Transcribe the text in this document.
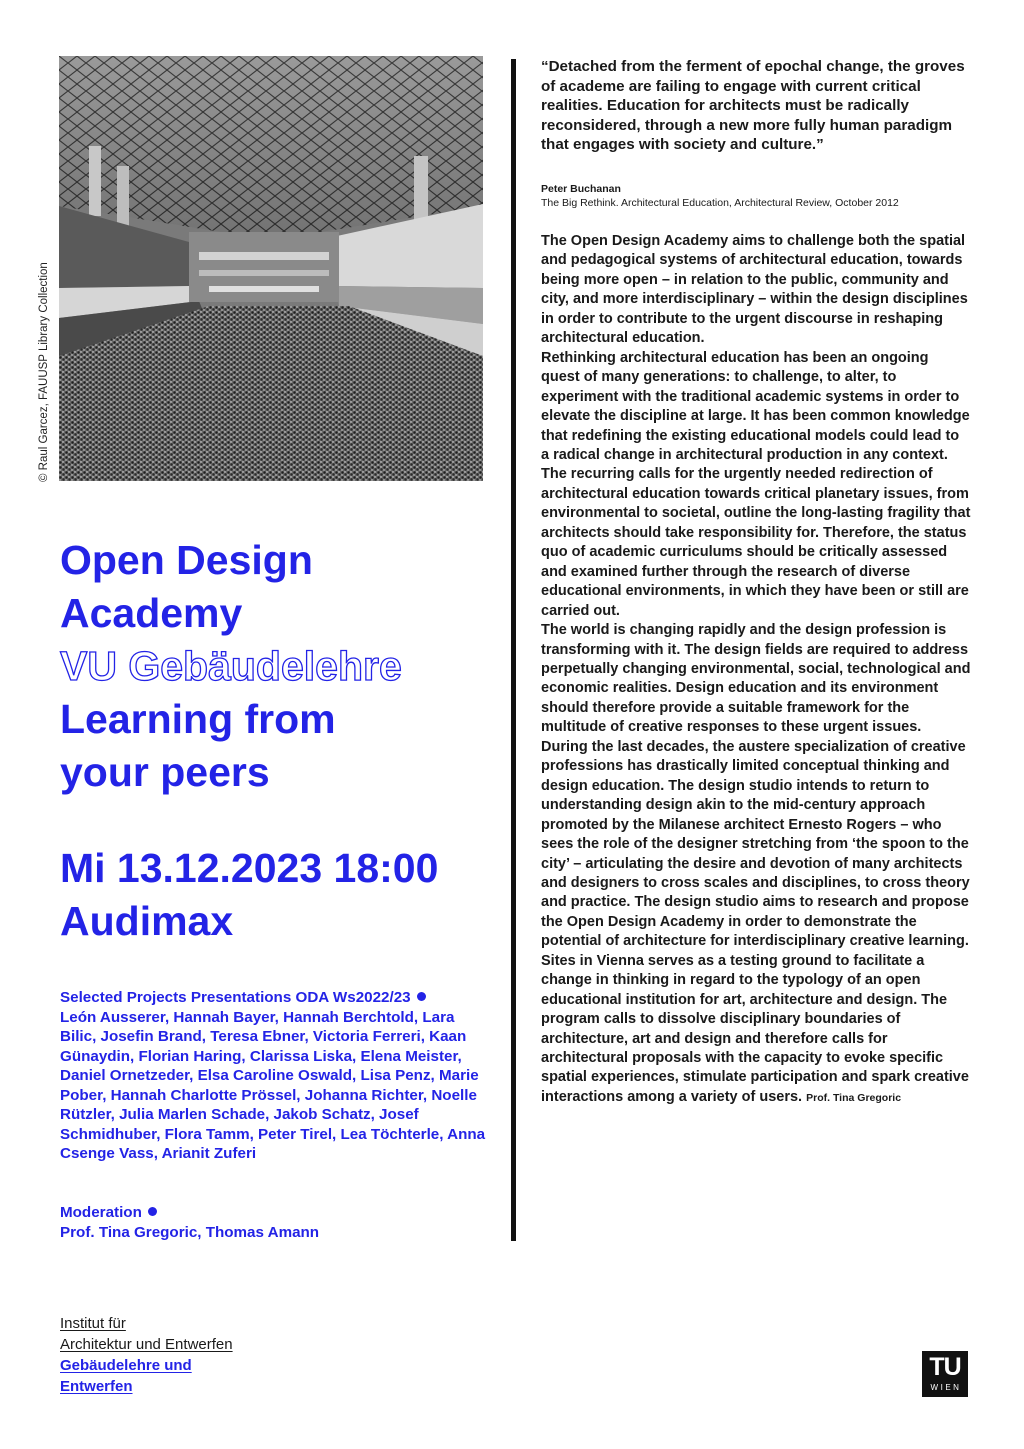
© Raul Garcez, FAUUSP Library Collection
Open Design
Academy
VU Gebäudelehre
Learning from
your peers
Mi 13.12.2023 18:00
Audimax
Selected Projects Presentations ODA Ws2022/23
León Ausserer, Hannah Bayer, Hannah Berchtold, Lara Bilic, Josefin Brand, Teresa Ebner, Victoria Ferreri, Kaan Günaydin, Florian Haring, Clarissa Liska, Elena Meister, Daniel Ornetzeder, Elsa Caroline Oswald, Lisa Penz, Marie Pober, Hannah Charlotte Prössel, Johanna Richter, Noelle Rützler, Julia Marlen Schade, Jakob Schatz, Josef Schmidhuber, Flora Tamm, Peter Tirel, Lea Töchterle, Anna Csenge Vass, Arianit Zuferi
Moderation
Prof. Tina Gregoric, Thomas Amann
Institut für
Architektur und Entwerfen
Gebäudelehre und
Entwerfen

“Detached from the ferment of epochal change, the groves of academe are failing to engage with current critical realities. Education for architects must be radically reconsidered, through a new more fully human paradigm that engages with society and culture.”

Peter Buchanan
The Big Rethink. Architectural Education, Architectural Review, October 2012

The Open Design Academy aims to challenge both the spatial and pedagogical systems of architectural education, towards being more open – in relation to the public, community and city, and more interdisciplinary – within the design disciplines in order to contribute to the urgent discourse in reshaping architectural education.

Rethinking architectural education has been an ongoing quest of many generations: to challenge, to alter, to experiment with the traditional academic systems in order to elevate the discipline at large. It has been common knowledge that redefining the existing educational models could lead to a radical change in architectural production in any context. The recurring calls for the urgently needed redirection of architectural education towards critical planetary issues, from environmental to societal, outline the long-lasting fragility that architects should take responsibility for. Therefore, the status quo of academic curriculums should be critically assessed and examined further through the research of diverse educational environments, in which they have been or still are carried out.

The world is changing rapidly and the design profession is transforming with it. The design fields are required to address perpetually changing environmental, social, technological and economic realities. Design education and its environment should therefore provide a suitable framework for the multitude of creative responses to these urgent issues. During the last decades, the austere specialization of creative professions has drastically limited conceptual thinking and design education. The design studio intends to return to understanding design akin to the mid-century approach promoted by the Milanese architect Ernesto Rogers – who sees the role of the designer stretching from ‘the spoon to the city’ – articulating the desire and devotion of many architects and designers to cross scales and disciplines, to cross theory and practice. The design studio aims to research and propose the Open Design Academy in order to demonstrate the potential of architecture for interdisciplinary creative learning. Sites in Vienna serves as a testing ground to facilitate a change in thinking in regard to the typology of an open educational institution for art, architecture and design. The program calls to dissolve disciplinary boundaries of architecture, art and design and therefore calls for architectural proposals with the capacity to evoke specific spatial experiences, stimulate participation and spark creative interactions among a variety of users. Prof. Tina Gregoric

TU
WIEN
